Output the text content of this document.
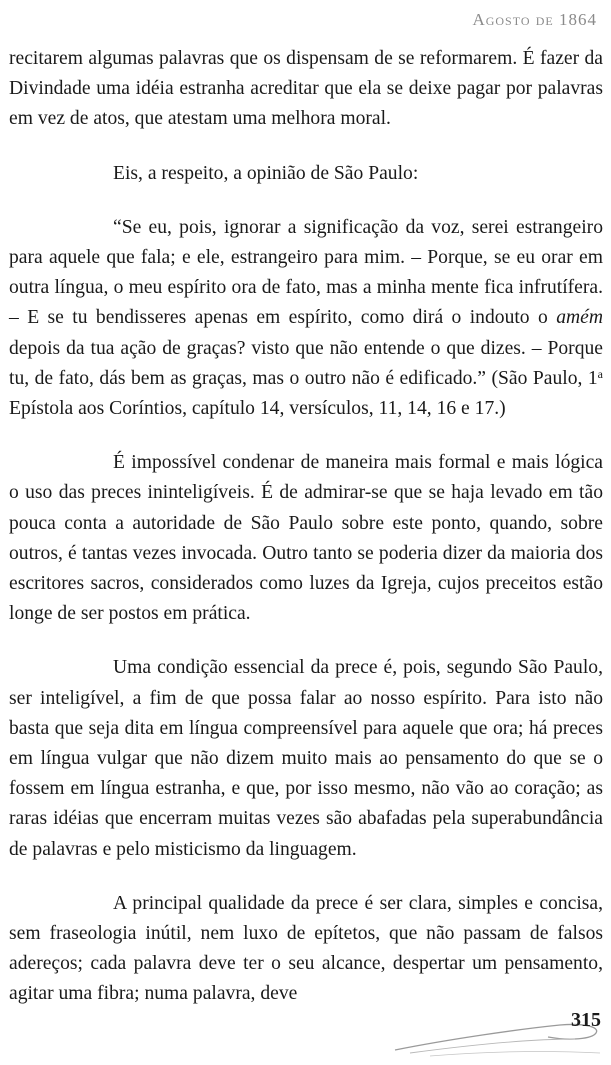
Agosto de 1864

recitarem algumas palavras que os dispensam de se reformarem. É fazer da Divindade uma idéia estranha acreditar que ela se deixe pagar por palavras em vez de atos, que atestam uma melhora moral.

Eis, a respeito, a opinião de São Paulo:

“Se eu, pois, ignorar a significação da voz, serei estrangeiro para aquele que fala; e ele, estrangeiro para mim. – Porque, se eu orar em outra língua, o meu espírito ora de fato, mas a minha mente fica infrutífera. – E se tu bendisseres apenas em espírito, como dirá o indouto o amém depois da tua ação de graças? visto que não entende o que dizes. – Porque tu, de fato, dás bem as graças, mas o outro não é edificado.” (São Paulo, 1$^a$ Epístola aos Coríntios, capítulo 14, versículos, 11, 14, 16 e 17.)

É impossível condenar de maneira mais formal e mais lógica o uso das preces ininteligíveis. É de admirar-se que se haja levado em tão pouca conta a autoridade de São Paulo sobre este ponto, quando, sobre outros, é tantas vezes invocada. Outro tanto se poderia dizer da maioria dos escritores sacros, considerados como luzes da Igreja, cujos preceitos estão longe de ser postos em prática.

Uma condição essencial da prece é, pois, segundo São Paulo, ser inteligível, a fim de que possa falar ao nosso espírito. Para isto não basta que seja dita em língua compreensível para aquele que ora; há preces em língua vulgar que não dizem muito mais ao pensamento do que se o fossem em língua estranha, e que, por isso mesmo, não vão ao coração; as raras idéias que encerram muitas vezes são abafadas pela superabundância de palavras e pelo misticismo da linguagem.

A principal qualidade da prece é ser clara, simples e concisa, sem fraseologia inútil, nem luxo de epítetos, que não passam de falsos adereços; cada palavra deve ter o seu alcance, despertar um pensamento, agitar uma fibra; numa palavra, deve

315
